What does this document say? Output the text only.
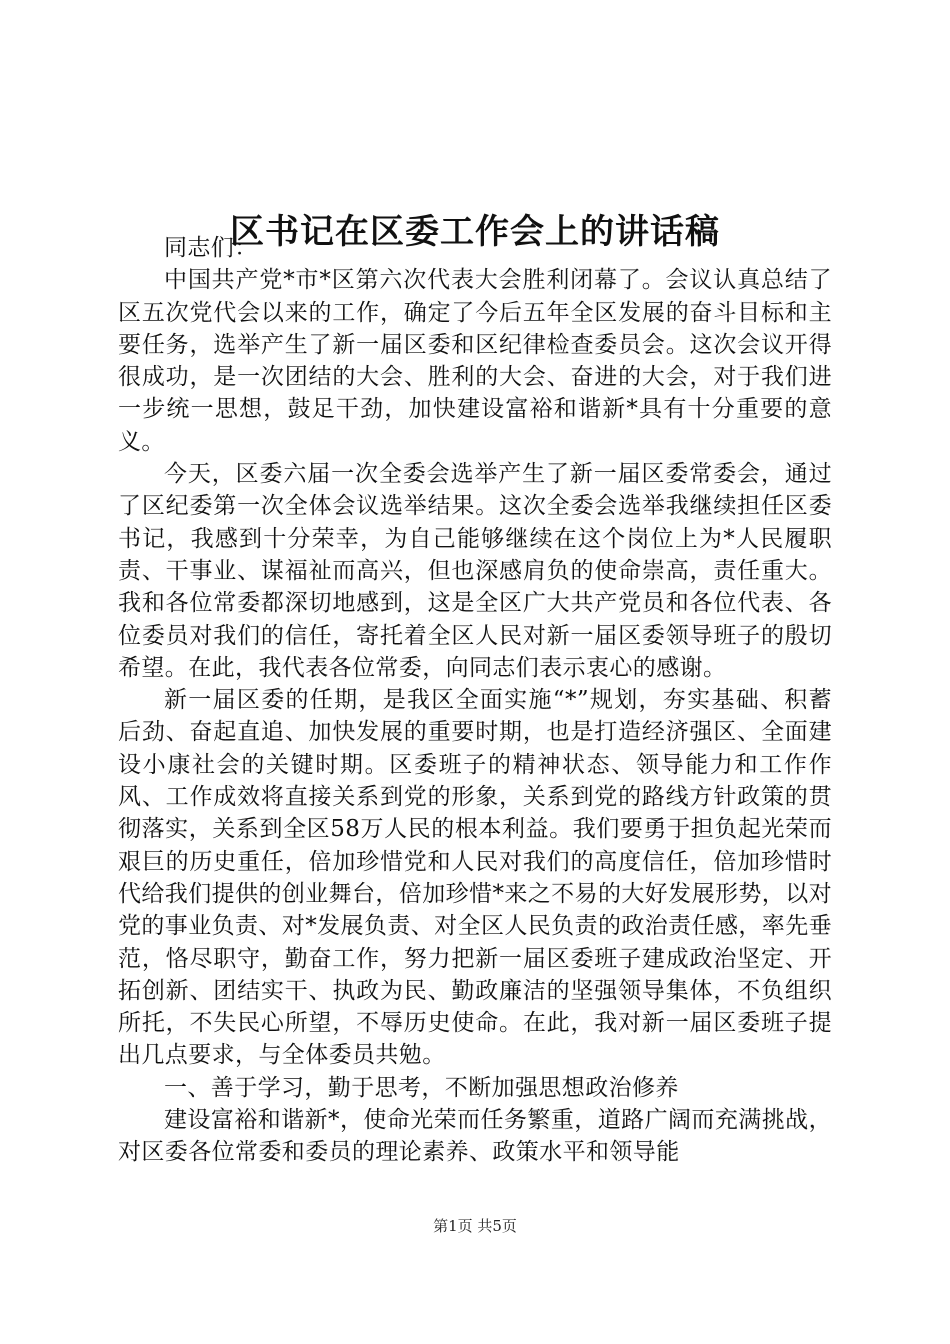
区书记在区委工作会上的讲话稿

同志们：

中国共产党*市*区第六次代表大会胜利闭幕了。会议认真总结了区五次党代会以来的工作，确定了今后五年全区发展的奋斗目标和主要任务，选举产生了新一届区委和区纪律检查委员会。这次会议开得很成功，是一次团结的大会、胜利的大会、奋进的大会，对于我们进一步统一思想，鼓足干劲，加快建设富裕和谐新*具有十分重要的意义。

今天，区委六届一次全委会选举产生了新一届区委常委会，通过了区纪委第一次全体会议选举结果。这次全委会选举我继续担任区委书记，我感到十分荣幸，为自己能够继续在这个岗位上为*人民履职责、干事业、谋福祉而高兴，但也深感肩负的使命崇高，责任重大。我和各位常委都深切地感到，这是全区广大共产党员和各位代表、各位委员对我们的信任，寄托着全区人民对新一届区委领导班子的殷切希望。在此，我代表各位常委，向同志们表示衷心的感谢。

新一届区委的任期，是我区全面实施“*”规划，夯实基础、积蓄后劲、奋起直追、加快发展的重要时期，也是打造经济强区、全面建设小康社会的关键时期。区委班子的精神状态、领导能力和工作作风、工作成效将直接关系到党的形象，关系到党的路线方针政策的贯彻落实，关系到全区58万人民的根本利益。我们要勇于担负起光荣而艰巨的历史重任，倍加珍惜党和人民对我们的高度信任，倍加珍惜时代给我们提供的创业舞台，倍加珍惜*来之不易的大好发展形势，以对党的事业负责、对*发展负责、对全区人民负责的政治责任感，率先垂范，恪尽职守，勤奋工作，努力把新一届区委班子建成政治坚定、开拓创新、团结实干、执政为民、勤政廉洁的坚强领导集体，不负组织所托，不失民心所望，不辱历史使命。在此，我对新一届区委班子提出几点要求，与全体委员共勉。

一、善于学习，勤于思考，不断加强思想政治修养

建设富裕和谐新*，使命光荣而任务繁重，道路广阔而充满挑战，对区委各位常委和委员的理论素养、政策水平和领导能

第1页 共5页
